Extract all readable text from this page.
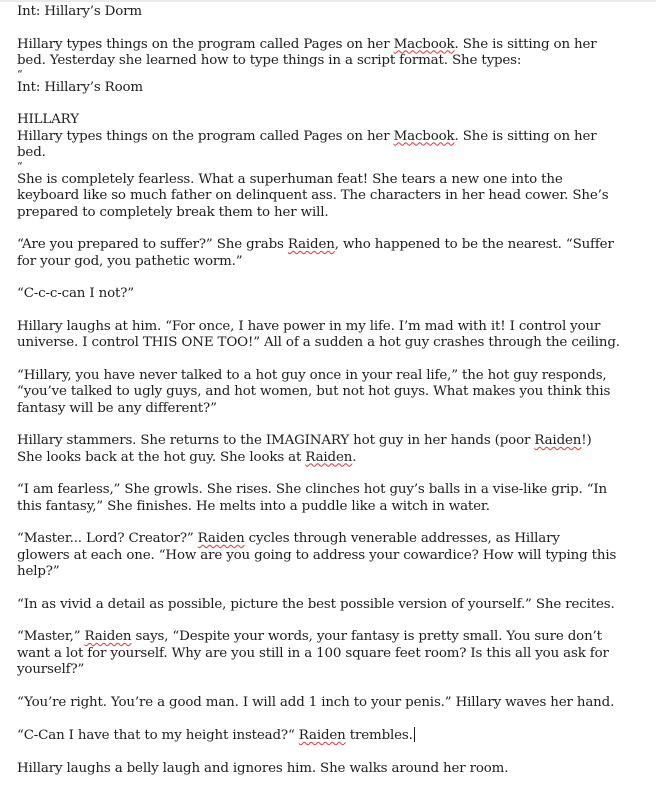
Int: Hillary’s Dorm
Hillary types things on the program called Pages on her Macbook. She is sitting on her
bed. Yesterday she learned how to type things in a script format. She types:
“
Int: Hillary’s Room
HILLARY
Hillary types things on the program called Pages on her Macbook. She is sitting on her
bed.
“
She is completely fearless. What a superhuman feat! She tears a new one into the
keyboard like so much father on delinquent ass. The characters in her head cower. She’s
prepared to completely break them to her will.
“Are you prepared to suffer?” She grabs Raiden, who happened to be the nearest. “Suffer
for your god, you pathetic worm.”
“C-c-c-can I not?”
Hillary laughs at him. “For once, I have power in my life. I’m mad with it! I control your
universe. I control THIS ONE TOO!” All of a sudden a hot guy crashes through the ceiling.
“Hillary, you have never talked to a hot guy once in your real life,” the hot guy responds,
“you’ve talked to ugly guys, and hot women, but not hot guys. What makes you think this
fantasy will be any different?”
Hillary stammers. She returns to the IMAGINARY hot guy in her hands (poor Raiden!)
She looks back at the hot guy. She looks at Raiden.
“I am fearless,” She growls. She rises. She clinches hot guy’s balls in a vise-like grip. “In
this fantasy,” She finishes. He melts into a puddle like a witch in water.
“Master... Lord? Creator?” Raiden cycles through venerable addresses, as Hillary
glowers at each one. “How are you going to address your cowardice? How will typing this
help?”
“In as vivid a detail as possible, picture the best possible version of yourself.” She recites.
“Master,” Raiden says, “Despite your words, your fantasy is pretty small. You sure don’t
want a lot for yourself. Why are you still in a 100 square feet room? Is this all you ask for
yourself?”
“You’re right. You’re a good man. I will add 1 inch to your penis.” Hillary waves her hand.
“C-Can I have that to my height instead?“ Raiden trembles.
Hillary laughs a belly laugh and ignores him. She walks around her room.
